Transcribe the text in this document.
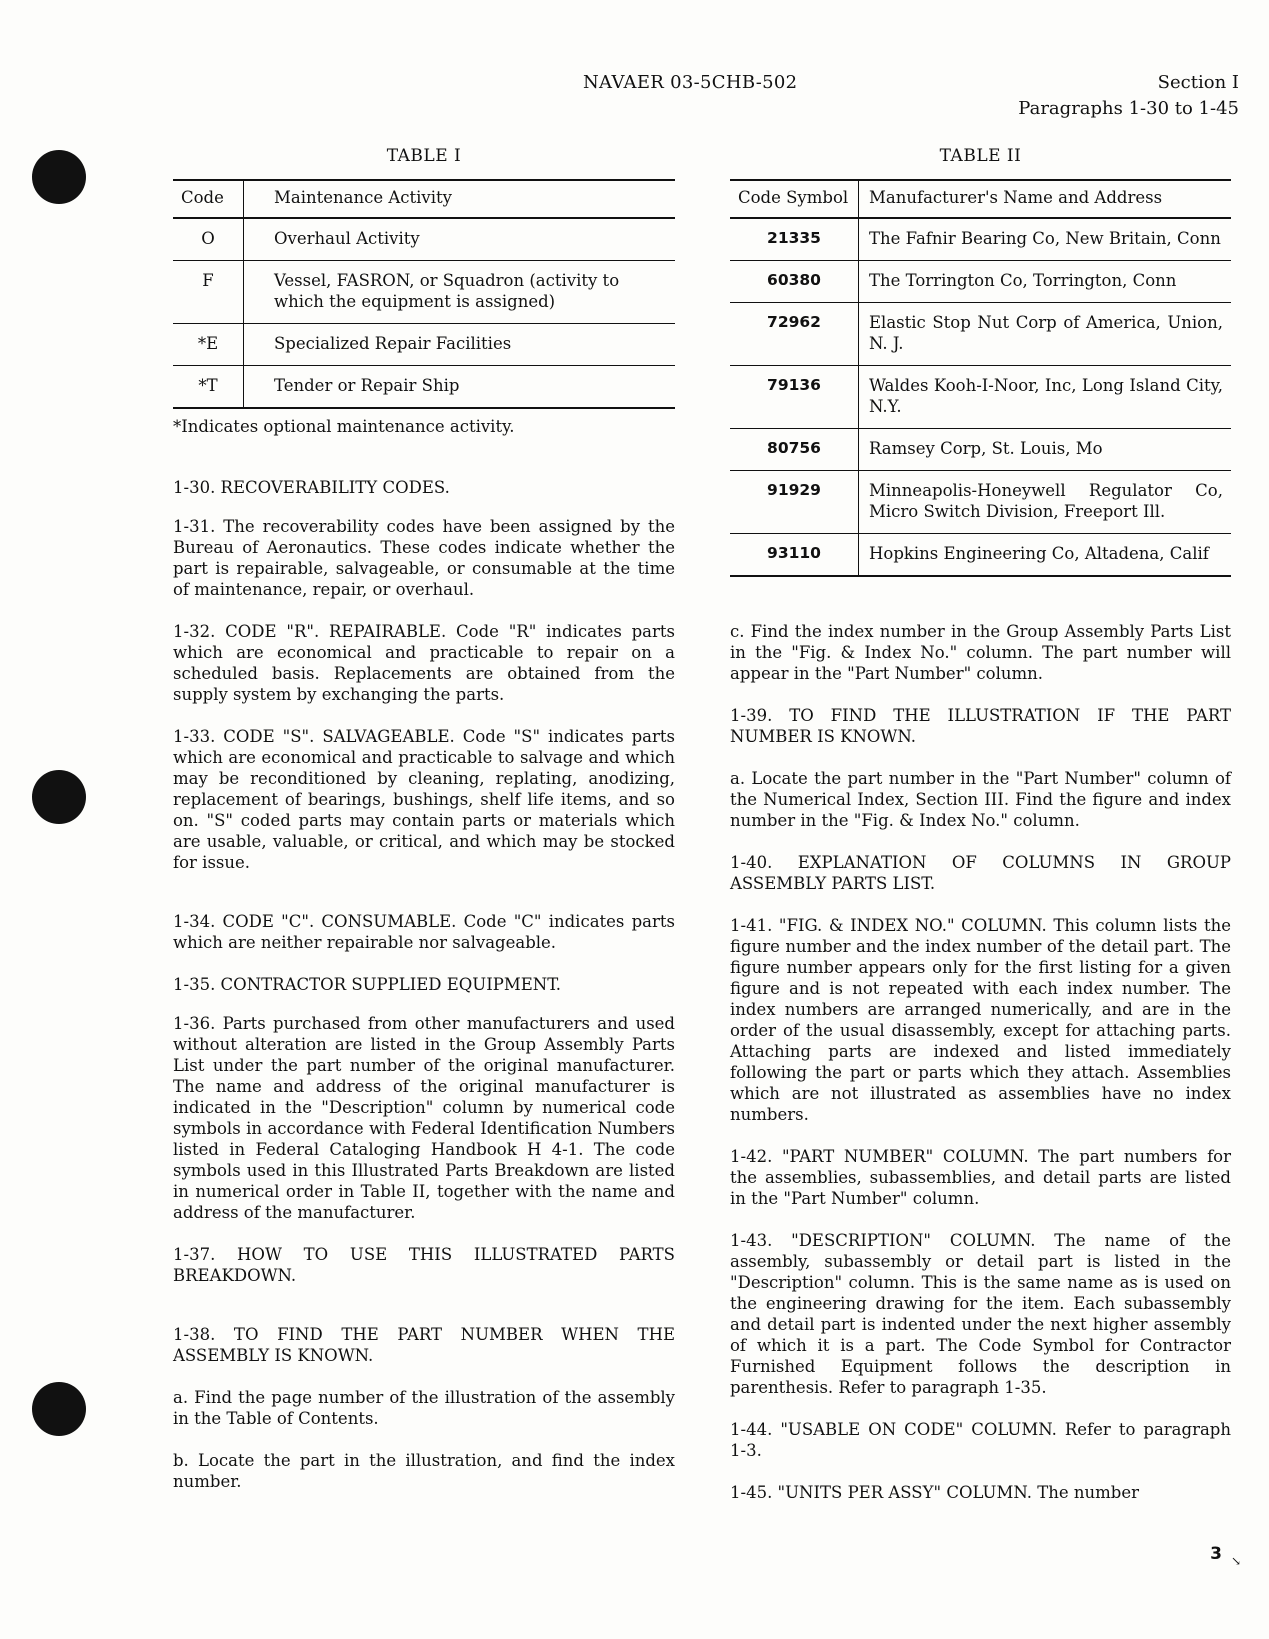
NAVAER 03-5CHB-502	Section I
Paragraphs 1-30 to 1-45
TABLE I
Code	Maintenance Activity
O	Overhaul Activity
F	Vessel, FASRON, or Squadron (activity to which the equipment is assigned)
*E	Specialized Repair Facilities
*T	Tender or Repair Ship

*Indicates optional maintenance activity.

1-30. RECOVERABILITY CODES.

1-31. The recoverability codes have been assigned by the Bureau of Aeronautics. These codes indicate whether the part is repairable, salvageable, or consumable at the time of maintenance, repair, or overhaul.

1-32. CODE "R". REPAIRABLE. Code "R" indicates parts which are economical and practicable to repair on a scheduled basis. Replacements are obtained from the supply system by exchanging the parts.

1-33. CODE "S". SALVAGEABLE. Code "S" indicates parts which are economical and practicable to salvage and which may be reconditioned by cleaning, replating, anodizing, replacement of bearings, bushings, shelf life items, and so on. "S" coded parts may contain parts or materials which are usable, valuable, or critical, and which may be stocked for issue.

1-34. CODE "C". CONSUMABLE. Code "C" indicates parts which are neither repairable nor salvageable.

1-35. CONTRACTOR SUPPLIED EQUIPMENT.

1-36. Parts purchased from other manufacturers and used without alteration are listed in the Group Assembly Parts List under the part number of the original manufacturer. The name and address of the original manufacturer is indicated in the "Description" column by numerical code symbols in accordance with Federal Identification Numbers listed in Federal Cataloging Handbook H 4-1. The code symbols used in this Illustrated Parts Breakdown are listed in numerical order in Table II, together with the name and address of the manufacturer.

1-37. HOW TO USE THIS ILLUSTRATED PARTS BREAKDOWN.

1-38. TO FIND THE PART NUMBER WHEN THE ASSEMBLY IS KNOWN.

a. Find the page number of the illustration of the assembly in the Table of Contents.

b. Locate the part in the illustration, and find the index number.

TABLE II
Code Symbol	Manufacturer's Name and Address
21335	The Fafnir Bearing Co, New Britain, Conn
60380	The Torrington Co, Torrington, Conn
72962	Elastic Stop Nut Corp of America, Union, N. J.
79136	Waldes Kooh-I-Noor, Inc, Long Island City, N.Y.
80756	Ramsey Corp, St. Louis, Mo
91929	Minneapolis-Honeywell Regulator Co, Micro Switch Division, Freeport Ill.
93110	Hopkins Engineering Co, Altadena, Calif

c. Find the index number in the Group Assembly Parts List in the "Fig. & Index No." column. The part number will appear in the "Part Number" column.

1-39. TO FIND THE ILLUSTRATION IF THE PART NUMBER IS KNOWN.

a. Locate the part number in the "Part Number" column of the Numerical Index, Section III. Find the figure and index number in the "Fig. & Index No." column.

1-40. EXPLANATION OF COLUMNS IN GROUP ASSEMBLY PARTS LIST.

1-41. "FIG. & INDEX NO." COLUMN. This column lists the figure number and the index number of the detail part. The figure number appears only for the first listing for a given figure and is not repeated with each index number. The index numbers are arranged numerically, and are in the order of the usual disassembly, except for attaching parts. Attaching parts are indexed and listed immediately following the part or parts which they attach. Assemblies which are not illustrated as assemblies have no index numbers.

1-42. "PART NUMBER" COLUMN. The part numbers for the assemblies, subassemblies, and detail parts are listed in the "Part Number" column.

1-43. "DESCRIPTION" COLUMN. The name of the assembly, subassembly or detail part is listed in the "Description" column. This is the same name as is used on the engineering drawing for the item. Each subassembly and detail part is indented under the next higher assembly of which it is a part. The Code Symbol for Contractor Furnished Equipment follows the description in parenthesis. Refer to paragraph 1-35.

1-44. "USABLE ON CODE" COLUMN. Refer to paragraph 1-3.

1-45. "UNITS PER ASSY" COLUMN. The number

3 ↘
